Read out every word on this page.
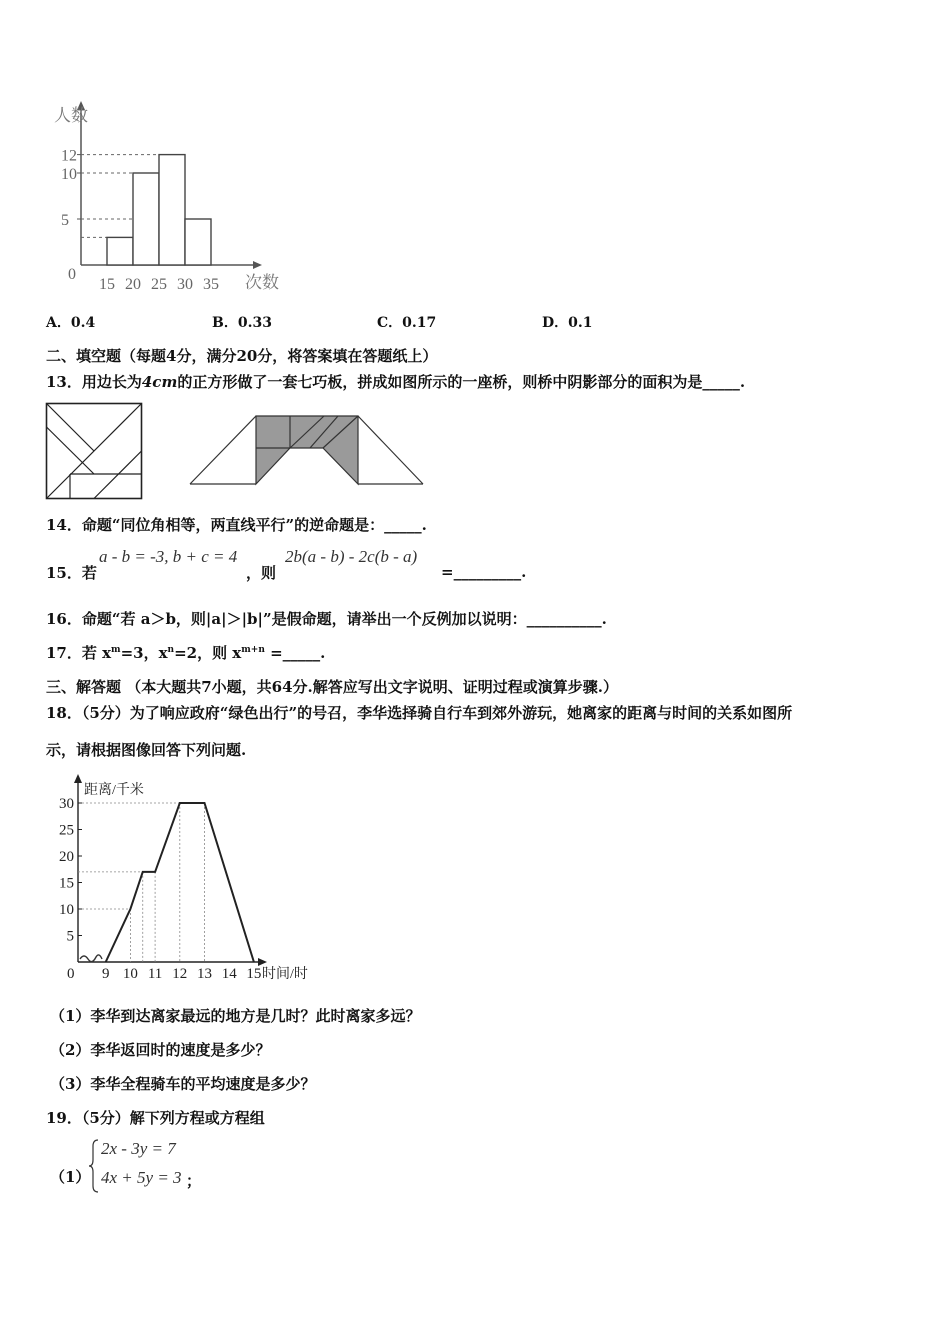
0
5
10
12
15 20 25 30 35
人数
次数
A．0.4	B．0.33	C．0.17	D．0.1
二、填空题（每题4分，满分20分，将答案填在答题纸上）
13．用边长为4cm的正方形做了一套七巧板，拼成如图所示的一座桥，则桥中阴影部分的面积为是_____.
14．命题“同位角相等，两直线平行”的逆命题是：_____.
15．若
a - b = -3, b + c = 4
，则
2b(a - b) - 2c(b - a)
=_________.
16．命题“若 a＞b，则|a|＞|b|”是假命题，请举出一个反例加以说明：__________.
17．若 $x^m=3$，$x^n=2$，则 $x^{m+n}$ =_____.
三、解答题 （本大题共7小题，共64分.解答应写出文字说明、证明过程或演算步骤.）
18．（5分）为了响应政府“绿色出行”的号召，李华选择骑自行车到郊外游玩，她离家的距离与时间的关系如图所
示，请根据图像回答下列问题.
5
10
15
20
25
30
9 10 11 12 13 14 15
0
距离/千米
时间/时
（1）李华到达离家最远的地方是几时？此时离家多远？
（2）李华返回时的速度是多少？
（3）李华全程骑车的平均速度是多少？
19．（5分）解下列方程或方程组
（1）
2x - 3y = 7
4x + 5y = 3 ；
